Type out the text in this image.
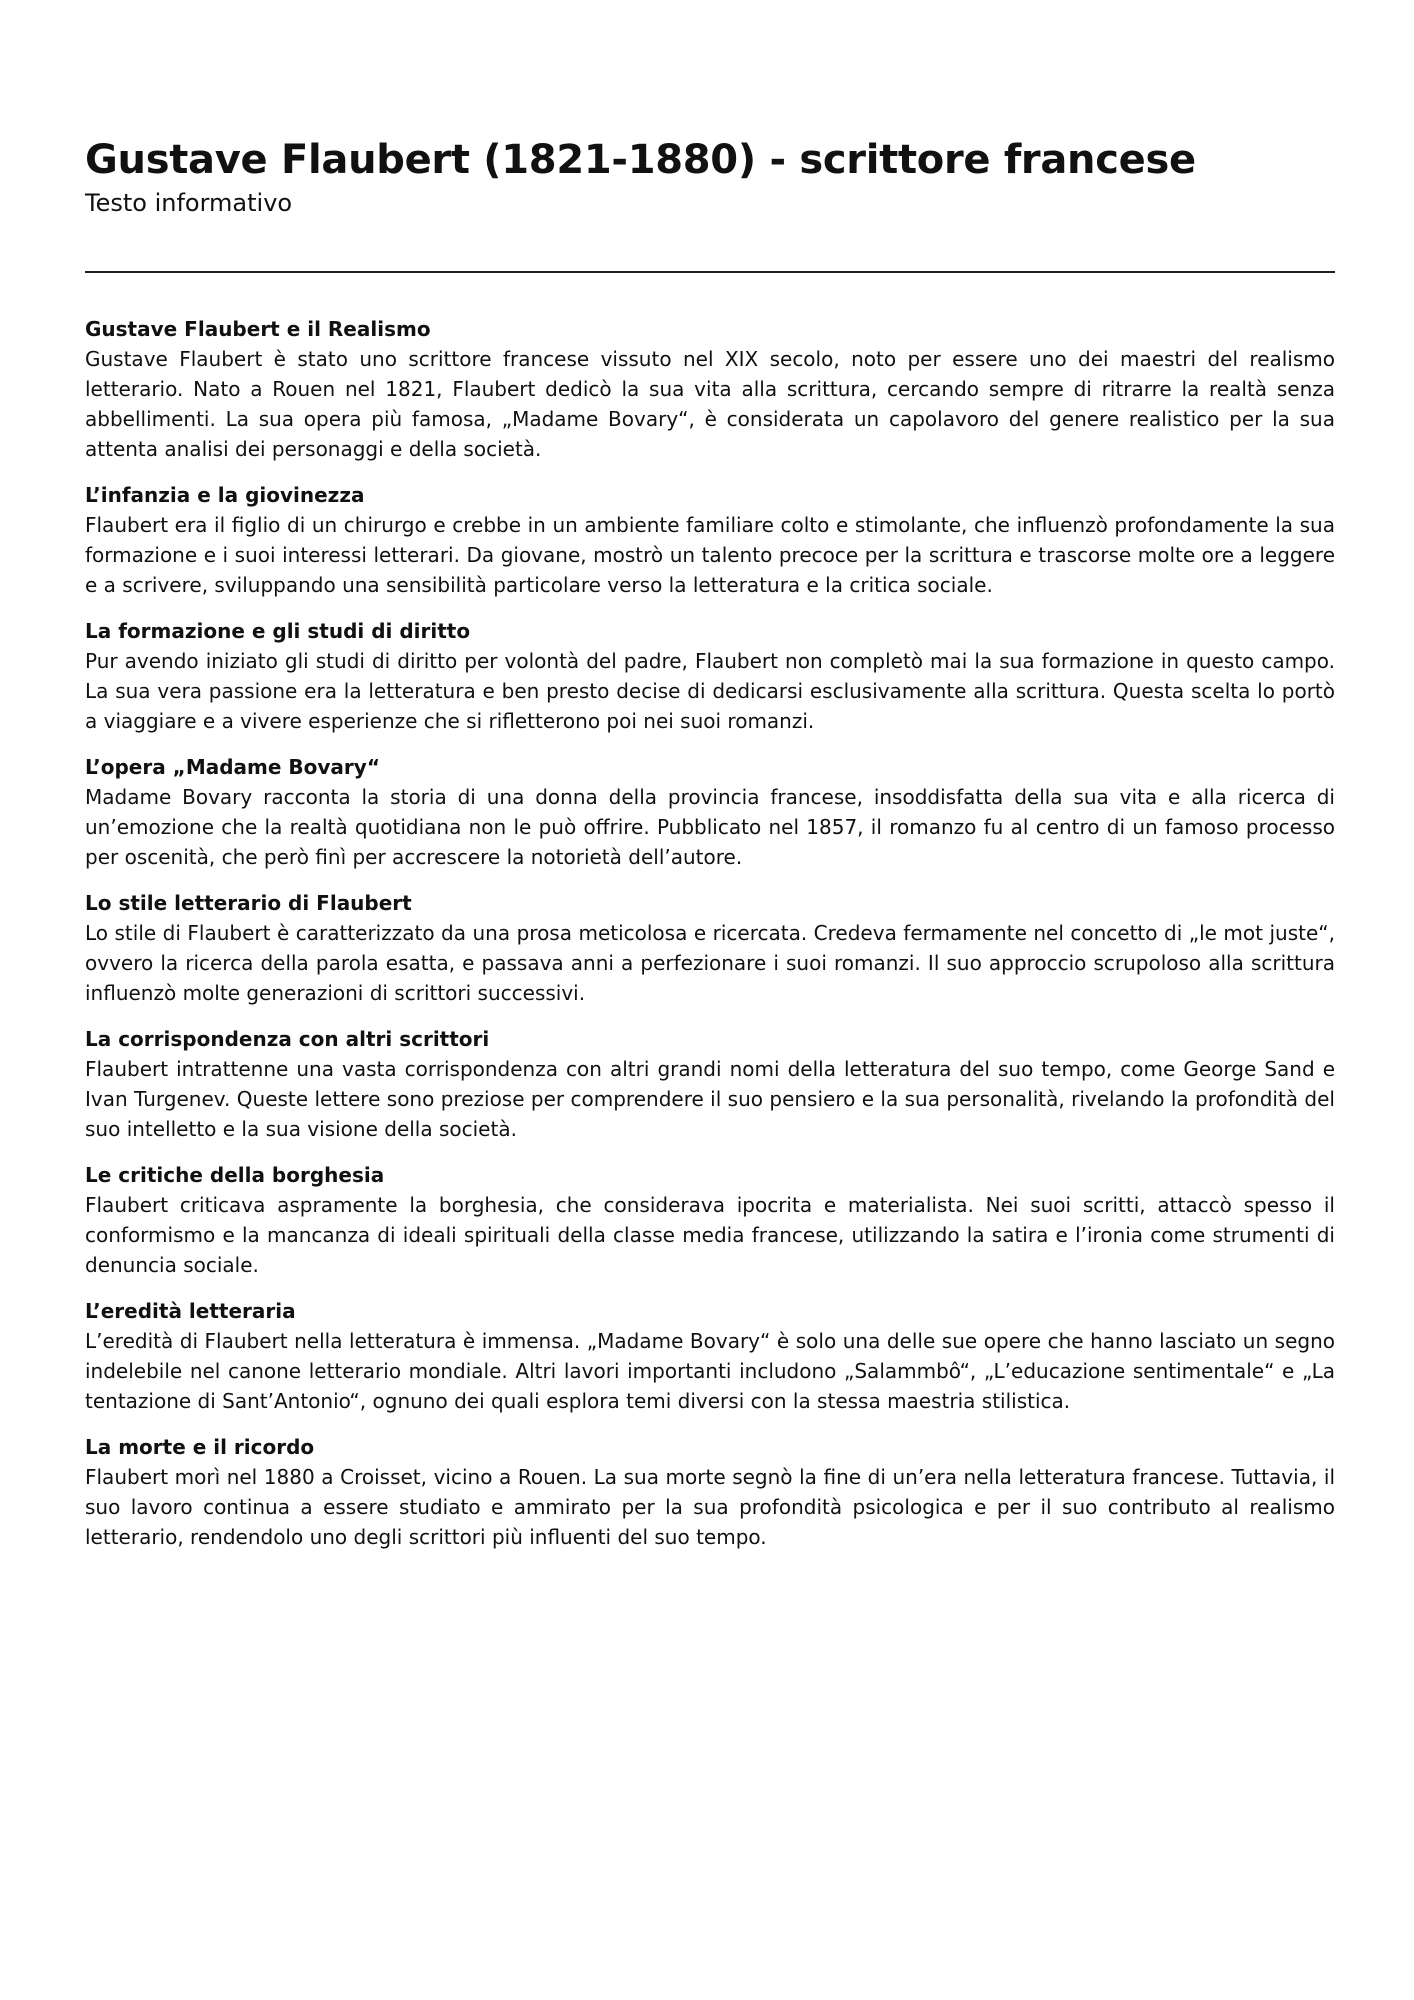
Gustave Flaubert (1821-1880) - scrittore francese
Testo informativo
Gustave Flaubert e il Realismo

Gustave Flaubert è stato uno scrittore francese vissuto nel XIX secolo, noto per essere uno dei maestri del realismo letterario. Nato a Rouen nel 1821, Flaubert dedicò la sua vita alla scrittura, cercando sempre di ritrarre la realtà senza abbellimenti. La sua opera più famosa, „Madame Bovary“, è considerata un capolavoro del genere realistico per la sua attenta analisi dei personaggi e della società.

L’infanzia e la giovinezza

Flaubert era il figlio di un chirurgo e crebbe in un ambiente familiare colto e stimolante, che influenzò profondamente la sua formazione e i suoi interessi letterari. Da giovane, mostrò un talento precoce per la scrittura e trascorse molte ore a leggere e a scrivere, sviluppando una sensibilità particolare verso la letteratura e la critica sociale.

La formazione e gli studi di diritto

Pur avendo iniziato gli studi di diritto per volontà del padre, Flaubert non completò mai la sua formazione in questo campo. La sua vera passione era la letteratura e ben presto decise di dedicarsi esclusivamente alla scrittura. Questa scelta lo portò a viaggiare e a vivere esperienze che si rifletterono poi nei suoi romanzi.

L’opera „Madame Bovary“

Madame Bovary racconta la storia di una donna della provincia francese, insoddisfatta della sua vita e alla ricerca di un’emozione che la realtà quotidiana non le può offrire. Pubblicato nel 1857, il romanzo fu al centro di un famoso processo per oscenità, che però finì per accrescere la notorietà dell’autore.

Lo stile letterario di Flaubert

Lo stile di Flaubert è caratterizzato da una prosa meticolosa e ricercata. Credeva fermamente nel concetto di „le mot juste“, ovvero la ricerca della parola esatta, e passava anni a perfezionare i suoi romanzi. Il suo approccio scrupoloso alla scrittura influenzò molte generazioni di scrittori successivi.

La corrispondenza con altri scrittori

Flaubert intrattenne una vasta corrispondenza con altri grandi nomi della letteratura del suo tempo, come George Sand e Ivan Turgenev. Queste lettere sono preziose per comprendere il suo pensiero e la sua personalità, rivelando la profondità del suo intelletto e la sua visione della società.

Le critiche della borghesia

Flaubert criticava aspramente la borghesia, che considerava ipocrita e materialista. Nei suoi scritti, attaccò spesso il conformismo e la mancanza di ideali spirituali della classe media francese, utilizzando la satira e l’ironia come strumenti di denuncia sociale.

L’eredità letteraria

L’eredità di Flaubert nella letteratura è immensa. „Madame Bovary“ è solo una delle sue opere che hanno lasciato un segno indelebile nel canone letterario mondiale. Altri lavori importanti includono „Salammbô“, „L’educazione sentimentale“ e „La tentazione di Sant’Antonio“, ognuno dei quali esplora temi diversi con la stessa maestria stilistica.

La morte e il ricordo

Flaubert morì nel 1880 a Croisset, vicino a Rouen. La sua morte segnò la fine di un’era nella letteratura francese. Tuttavia, il suo lavoro continua a essere studiato e ammirato per la sua profondità psicologica e per il suo contributo al realismo letterario, rendendolo uno degli scrittori più influenti del suo tempo.
